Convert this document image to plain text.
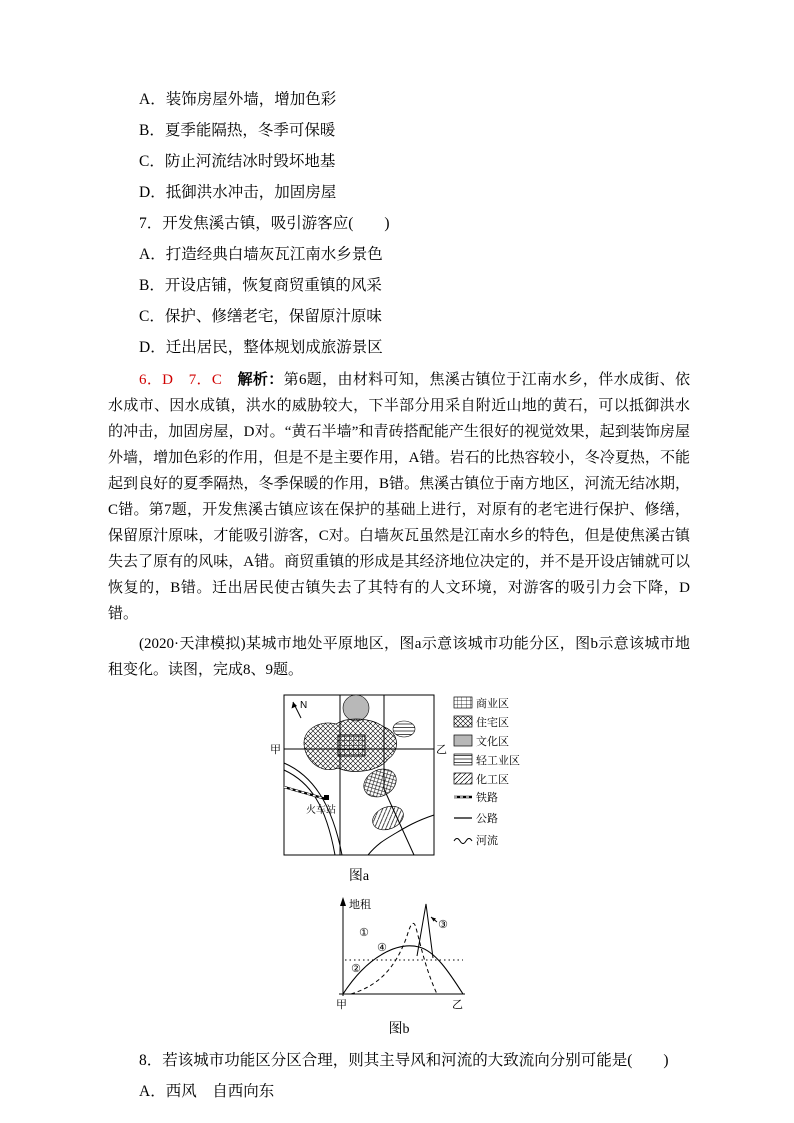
A．装饰房屋外墙，增加色彩
B．夏季能隔热，冬季可保暖
C．防止河流结冰时毁坏地基
D．抵御洪水冲击，加固房屋
7．开发焦溪古镇，吸引游客应(　　)
A．打造经典白墙灰瓦江南水乡景色
B．开设店铺，恢复商贸重镇的风采
C．保护、修缮老宅，保留原汁原味
D．迁出居民，整体规划成旅游景区

6．D　7．C　解析：第6题，由材料可知，焦溪古镇位于江南水乡，伴水成街、依水成市、因水成镇，洪水的威胁较大，下半部分用采自附近山地的黄石，可以抵御洪水的冲击，加固房屋，D对。“黄石半墙”和青砖搭配能产生很好的视觉效果，起到装饰房屋外墙，增加色彩的作用，但是不是主要作用，A错。岩石的比热容较小，冬冷夏热，不能起到良好的夏季隔热，冬季保暖的作用，B错。焦溪古镇位于南方地区，河流无结冰期，C错。第7题，开发焦溪古镇应该在保护的基础上进行，对原有的老宅进行保护、修缮，保留原汁原味，才能吸引游客，C对。白墙灰瓦虽然是江南水乡的特色，但是使焦溪古镇失去了原有的风味，A错。商贸重镇的形成是其经济地位决定的，并不是开设店铺就可以恢复的，B错。迁出居民使古镇失去了其特有的人文环境，对游客的吸引力会下降，D错。

(2020·天津模拟)某城市地处平原地区，图a示意该城市功能分区，图b示意该城市地租变化。读图，完成8、9题。

N
甲	乙
火车站
商业区
住宅区
文化区
轻工业区
化工区
铁路
公路
河流
图a
地租
甲	乙
①
②
③
④
图b
8．若该城市功能区分区合理，则其主导风和河流的大致流向分别可能是(　　)
A．西风　自西向东
